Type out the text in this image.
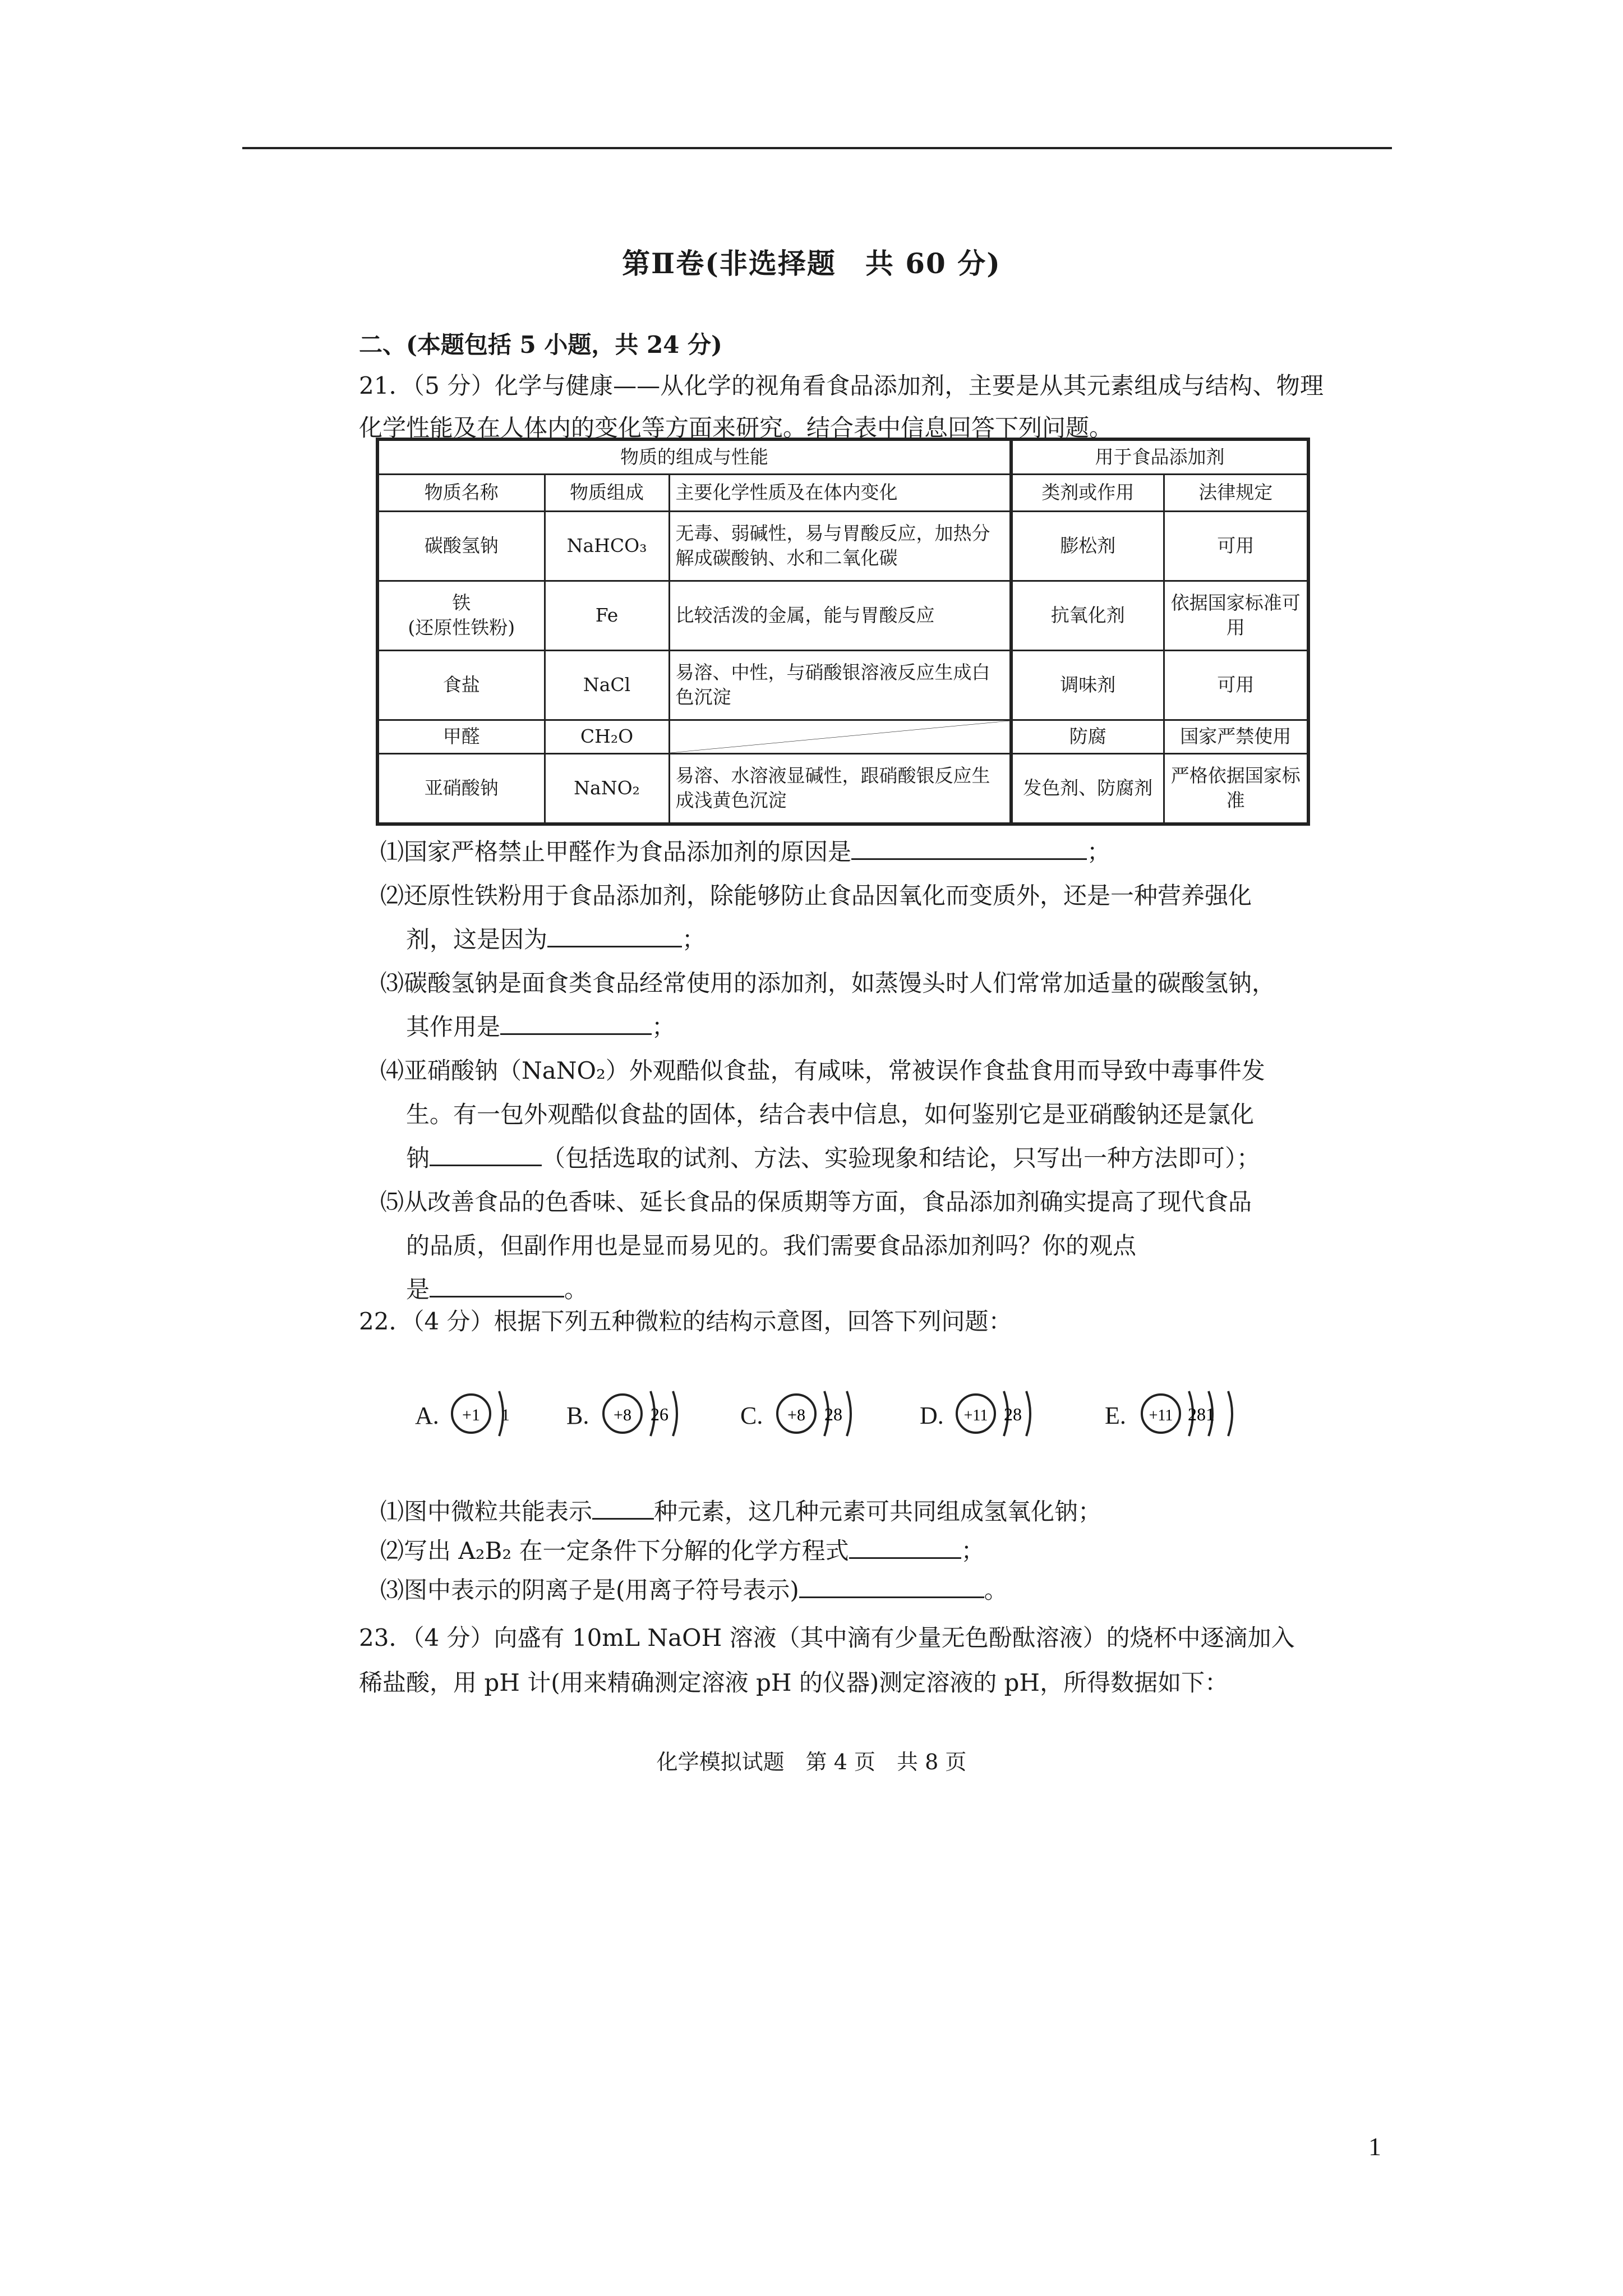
第Ⅱ卷(非选择题　共 60 分)
二、(本题包括 5 小题，共 24 分)
21．（5 分）化学与健康——从化学的视角看食品添加剂，主要是从其元素组成与结构、物理化学性能及在人体内的变化等方面来研究。结合表中信息回答下列问题。
物质的组成与性能			用于食品添加剂	
物质名称	物质组成	主要化学性质及在体内变化	类剂或作用	法律规定
碳酸氢钠	NaHCO₃	无毒、弱碱性，易与胃酸反应，加热分解成碳酸钠、水和二氧化碳	膨松剂	可用

铁
(还原性铁粉)	Fe	比较活泼的金属，能与胃酸反应	抗氧化剂	依据国家标准可用
食盐	NaCl	易溶、中性，与硝酸银溶液反应生成白色沉淀	调味剂	可用
甲醛	CH₂O		防腐	国家严禁使用
亚硝酸钠	NaNO₂	易溶、水溶液显碱性，跟硝酸银反应生成浅黄色沉淀	发色剂、防腐剂	严格依据国家标准
⑴国家严格禁止甲醛作为食品添加剂的原因是	；
⑵还原性铁粉用于食品添加剂，除能够防止食品因氧化而变质外，还是一种营养强化
剂，这是因为	；
⑶碳酸氢钠是面食类食品经常使用的添加剂，如蒸馒头时人们常常加适量的碳酸氢钠，
其作用是	；
⑷亚硝酸钠（NaNO₂）外观酷似食盐，有咸味，常被误作食盐食用而导致中毒事件发
生。有一包外观酷似食盐的固体，结合表中信息，如何鉴别它是亚硝酸钠还是氯化
钠	（包括选取的试剂、方法、实验现象和结论，只写出一种方法即可）；
⑸从改善食品的色香味、延长食品的保质期等方面，食品添加剂确实提高了现代食品
的品质，但副作用也是显而易见的。我们需要食品添加剂吗？你的观点
是	。
22．（4 分）根据下列五种微粒的结构示意图，回答下列问题：
A. +1 1 B. +8 26	C. +8 28	D. +11 28	E. +11 281
⑴图中微粒共能表示	种元素，这几种元素可共同组成氢氧化钠；
⑵写出 A₂B₂ 在一定条件下分解的化学方程式	；
⑶图中表示的阴离子是(用离子符号表示)	。
23．（4 分）向盛有 10mL NaOH 溶液（其中滴有少量无色酚酞溶液）的烧杯中逐滴加入
稀盐酸，用 pH 计(用来精确测定溶液 pH 的仪器)测定溶液的 pH，所得数据如下：
化学模拟试题　第 4 页　共 8 页
1
